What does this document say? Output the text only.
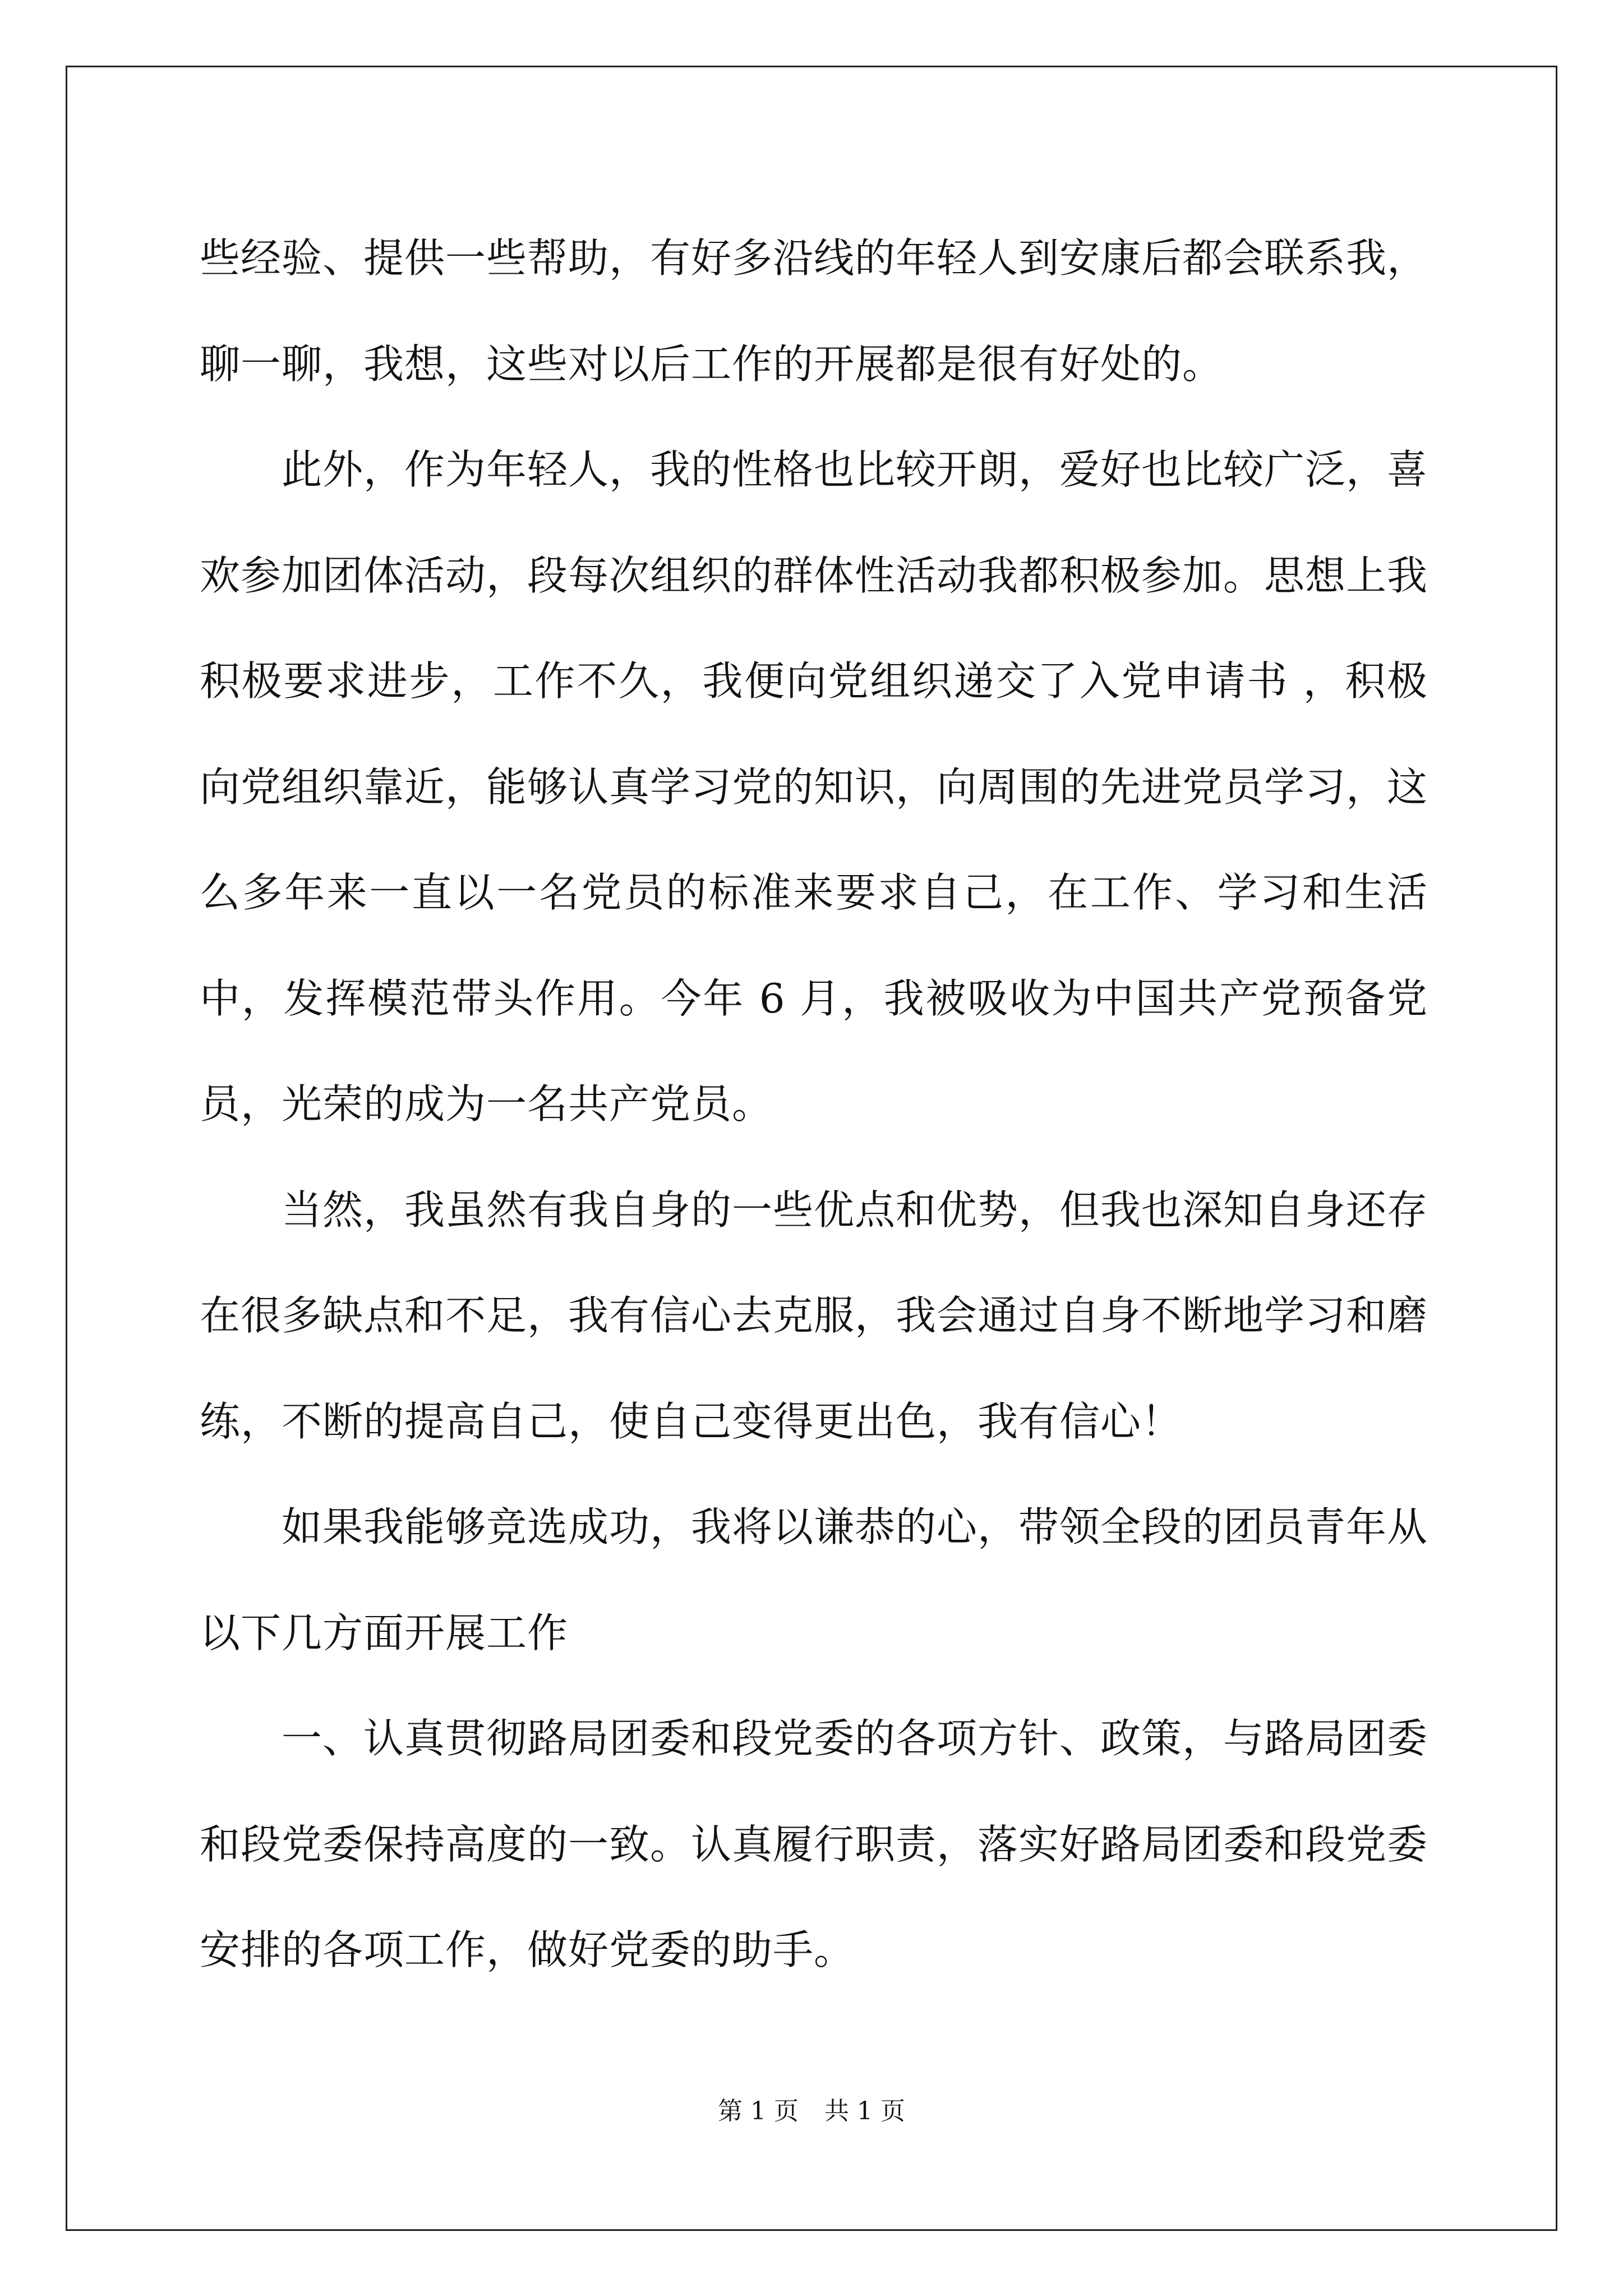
些经验、提供一些帮助，有好多沿线的年轻人到安康后都会联系我，聊一聊，我想，这些对以后工作的开展都是很有好处的。

此外，作为年轻人，我的性格也比较开朗，爱好也比较广泛，喜欢参加团体活动，段每次组织的群体性活动我都积极参加。思想上我积极要求进步，工作不久，我便向党组织递交了入党申请书 ，积极向党组织靠近，能够认真学习党的知识，向周围的先进党员学习，这么多年来一直以一名党员的标准来要求自己，在工作、学习和生活中，发挥模范带头作用。今年 6 月，我被吸收为中国共产党预备党员，光荣的成为一名共产党员。

当然，我虽然有我自身的一些优点和优势，但我也深知自身还存在很多缺点和不足，我有信心去克服，我会通过自身不断地学习和磨练，不断的提高自己，使自己变得更出色，我有信心！

如果我能够竞选成功，我将以谦恭的心，带领全段的团员青年从以下几方面开展工作

一、认真贯彻路局团委和段党委的各项方针、政策，与路局团委和段党委保持高度的一致。认真履行职责，落实好路局团委和段党委安排的各项工作，做好党委的助手。

第 1 页 共 1 页
